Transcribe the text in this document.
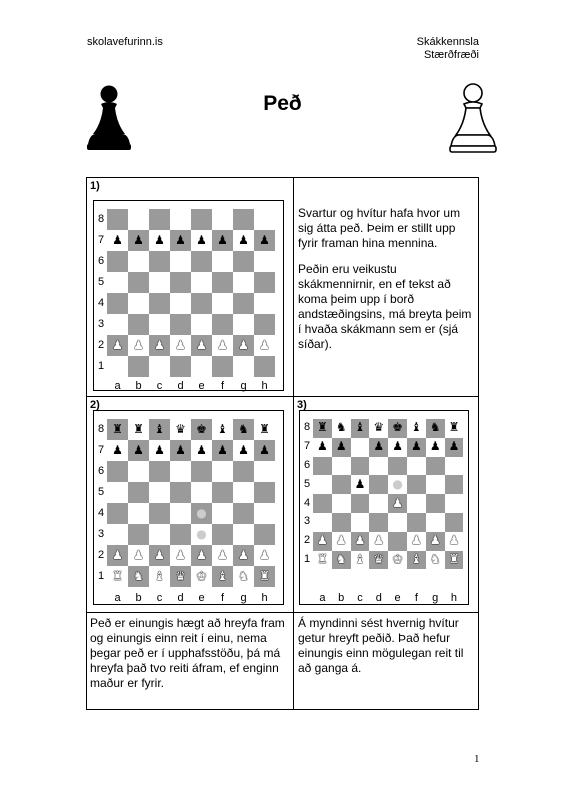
skolavefurinn.is	Skákkennsla
Stærðfræði
Peð
1)
8
7
6
5
4
3
2
1
a	b	c	d	e	f	g	h
♟ ♟ ♟ ♟ ♟ ♟ ♟ ♟
♟ ♟ ♟ ♟ ♟ ♟ ♟ ♟

Svartur og hvítur hafa hvor um sig átta peð. Þeim er stillt upp fyrir framan hina mennina.

Peðin eru veikustu skákmennirnir, en ef tekst að koma þeim upp í borð andstæðingsins, má breyta þeim í hvaða skákmann sem er (sjá síðar).

2)
8
7
6
5
4
3
2
1
a	b	c	d	e	f	g	h
♜ ♜ ♝ ♛ ♚ ♝ ♞ ♜
♟ ♟ ♟ ♟ ♟ ♟ ♟ ♟
♟ ♟ ♟ ♟ ♟ ♟ ♟ ♟
♜ ♞ ♝ ♛ ♚ ♝ ♞ ♜
●
●
3)
8
7
6
5
4
3
2
1
a	b	c	d	e	f	g	h
♜ ♞ ♝ ♛ ♚ ♝ ♞ ♜
♟ ♟	♟ ♟ ♟ ♟ ♟
♟
♟
♟ ♟ ♟ ♟	♟ ♟ ♟
♜ ♞ ♝ ♛ ♚ ♝ ♞ ♜
●
Peð er einungis hægt að hreyfa fram og einungis einn reit í einu, nema þegar peð er í upphafsstöðu, þá má hreyfa það tvo reiti áfram, ef enginn maður er fyrir.
Á myndinni sést hvernig hvítur getur hreyft peðið. Það hefur einungis einn mögulegan reit til að ganga á.
1
